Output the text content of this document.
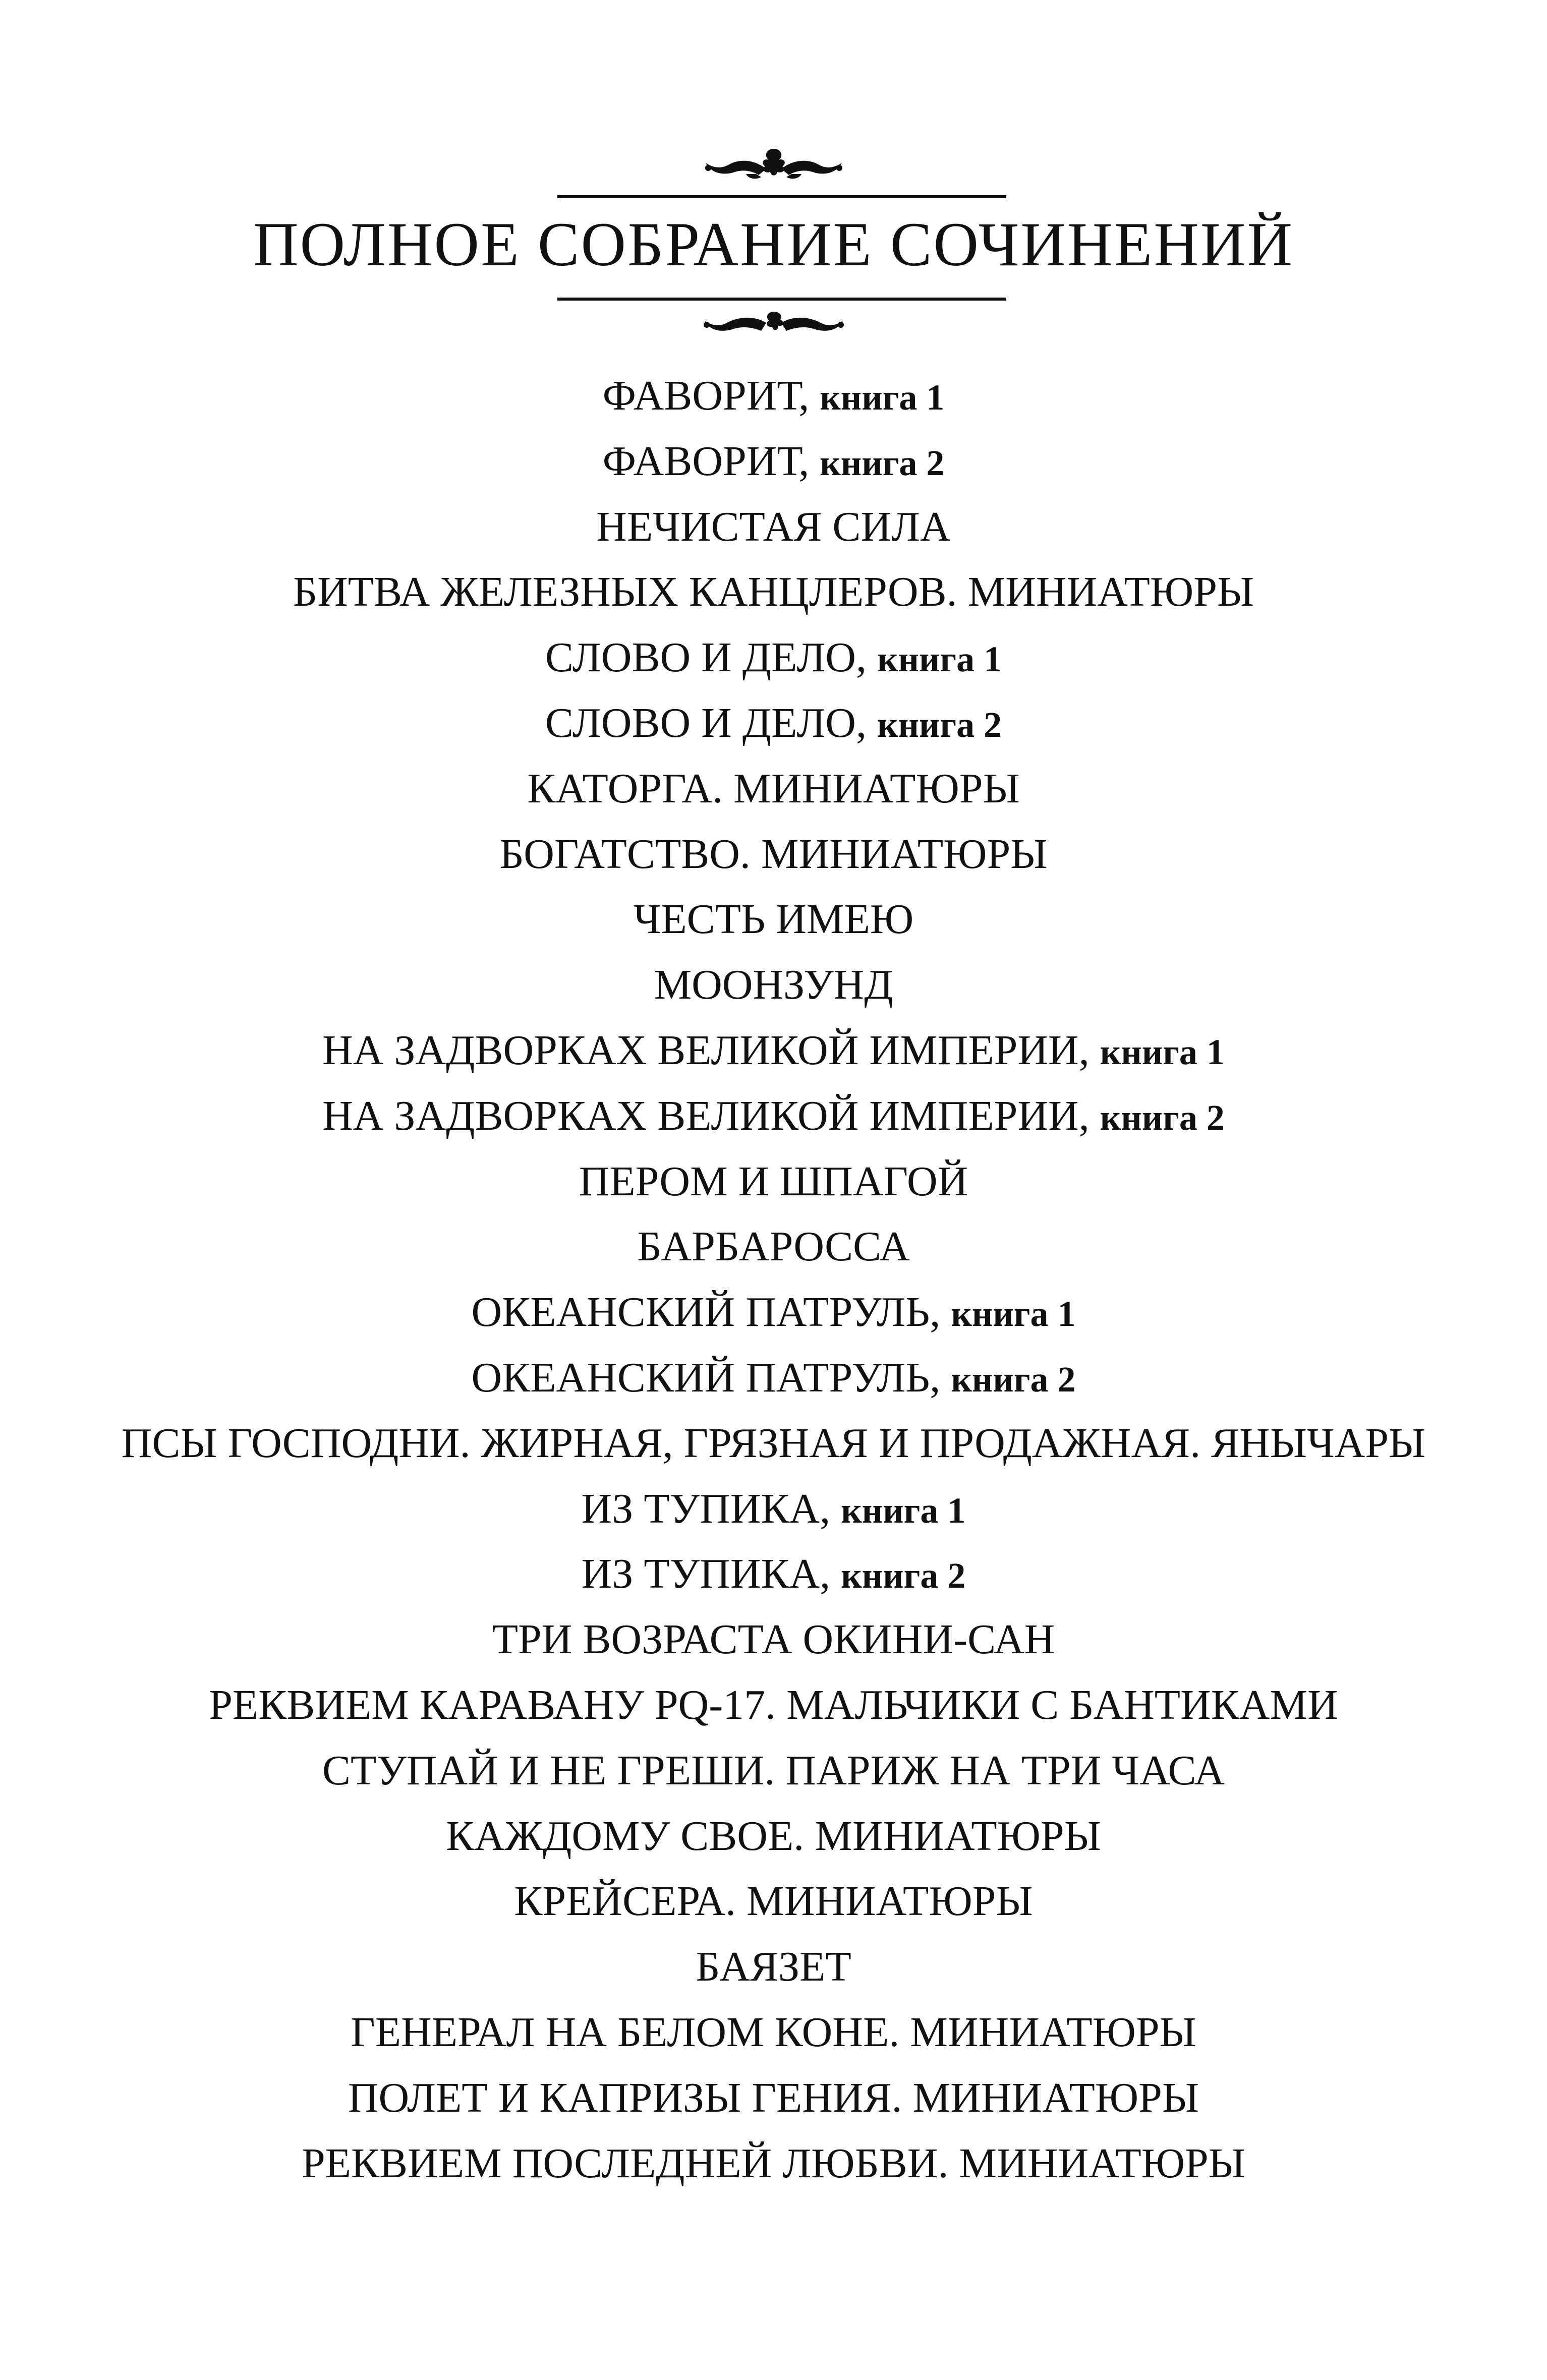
ПОЛНОЕ СОБРАНИЕ СОЧИНЕНИЙ
ФАВОРИТ, книга 1
ФАВОРИТ, книга 2
НЕЧИСТАЯ СИЛА
БИТВА ЖЕЛЕЗНЫХ КАНЦЛЕРОВ. МИНИАТЮРЫ
СЛОВО И ДЕЛО, книга 1
СЛОВО И ДЕЛО, книга 2
КАТОРГА. МИНИАТЮРЫ
БОГАТСТВО. МИНИАТЮРЫ
ЧЕСТЬ ИМЕЮ
МООНЗУНД
НА ЗАДВОРКАХ ВЕЛИКОЙ ИМПЕРИИ, книга 1
НА ЗАДВОРКАХ ВЕЛИКОЙ ИМПЕРИИ, книга 2
ПЕРОМ И ШПАГОЙ
БАРБАРОССА
ОКЕАНСКИЙ ПАТРУЛЬ, книга 1
ОКЕАНСКИЙ ПАТРУЛЬ, книга 2
ПСЫ ГОСПОДНИ. ЖИРНАЯ, ГРЯЗНАЯ И ПРОДАЖНАЯ. ЯНЫЧАРЫ
ИЗ ТУПИКА, книга 1
ИЗ ТУПИКА, книга 2
ТРИ ВОЗРАСТА ОКИНИ-САН
РЕКВИЕМ КАРАВАНУ PQ-17. МАЛЬЧИКИ С БАНТИКАМИ
СТУПАЙ И НЕ ГРЕШИ. ПАРИЖ НА ТРИ ЧАСА
КАЖДОМУ СВОЕ. МИНИАТЮРЫ
КРЕЙСЕРА. МИНИАТЮРЫ
БАЯЗЕТ
ГЕНЕРАЛ НА БЕЛОМ КОНЕ. МИНИАТЮРЫ
ПОЛЕТ И КАПРИЗЫ ГЕНИЯ. МИНИАТЮРЫ
РЕКВИЕМ ПОСЛЕДНЕЙ ЛЮБВИ. МИНИАТЮРЫ
